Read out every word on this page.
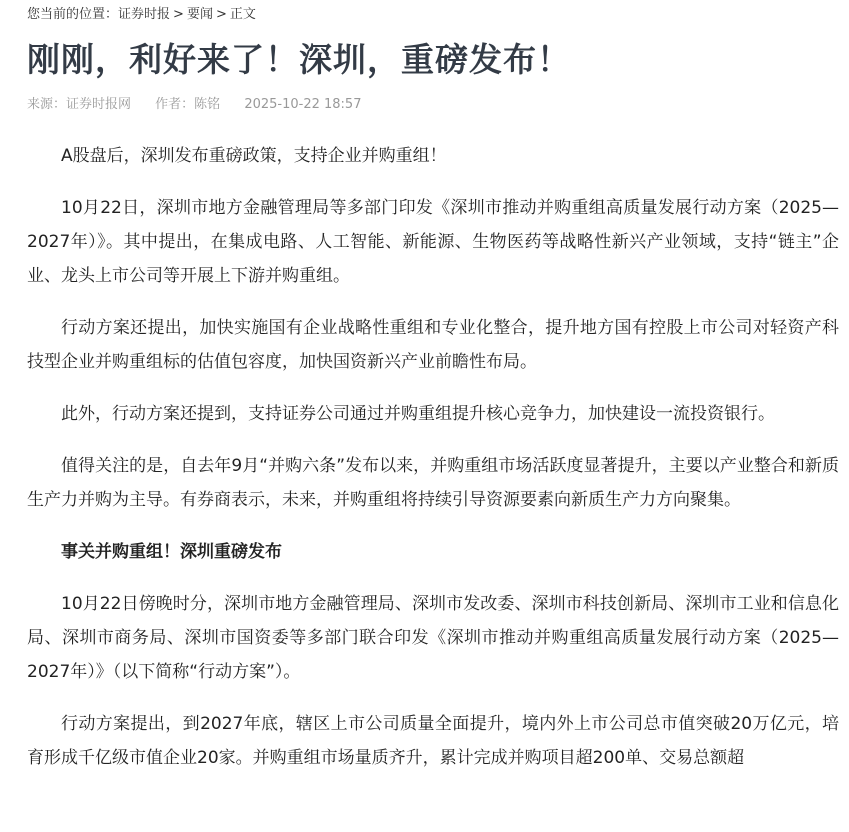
您当前的位置：证券时报 > 要闻 > 正文
刚刚，利好来了！深圳，重磅发布！
来源：证券时报网 作者：陈铭 2025-10-22 18:57

A股盘后，深圳发布重磅政策，支持企业并购重组！

10月22日，深圳市地方金融管理局等多部门印发《深圳市推动并购重组高质量发展行动方案（2025—2027年）》。其中提出，在集成电路、人工智能、新能源、生物医药等战略性新兴产业领域，支持“链主”企业、龙头上市公司等开展上下游并购重组。

行动方案还提出，加快实施国有企业战略性重组和专业化整合，提升地方国有控股上市公司对轻资产科技型企业并购重组标的估值包容度，加快国资新兴产业前瞻性布局。

此外，行动方案还提到，支持证券公司通过并购重组提升核心竞争力，加快建设一流投资银行。

值得关注的是，自去年9月“并购六条”发布以来，并购重组市场活跃度显著提升，主要以产业整合和新质生产力并购为主导。有券商表示，未来，并购重组将持续引导资源要素向新质生产力方向聚集。

事关并购重组！深圳重磅发布

10月22日傍晚时分，深圳市地方金融管理局、深圳市发改委、深圳市科技创新局、深圳市工业和信息化局、深圳市商务局、深圳市国资委等多部门联合印发《深圳市推动并购重组高质量发展行动方案（2025—2027年）》（以下简称“行动方案”）。

行动方案提出，到2027年底，辖区上市公司质量全面提升，境内外上市公司总市值突破20万亿元，培育形成千亿级市值企业20家。并购重组市场量质齐升，累计完成并购项目超200单、交易总额超
